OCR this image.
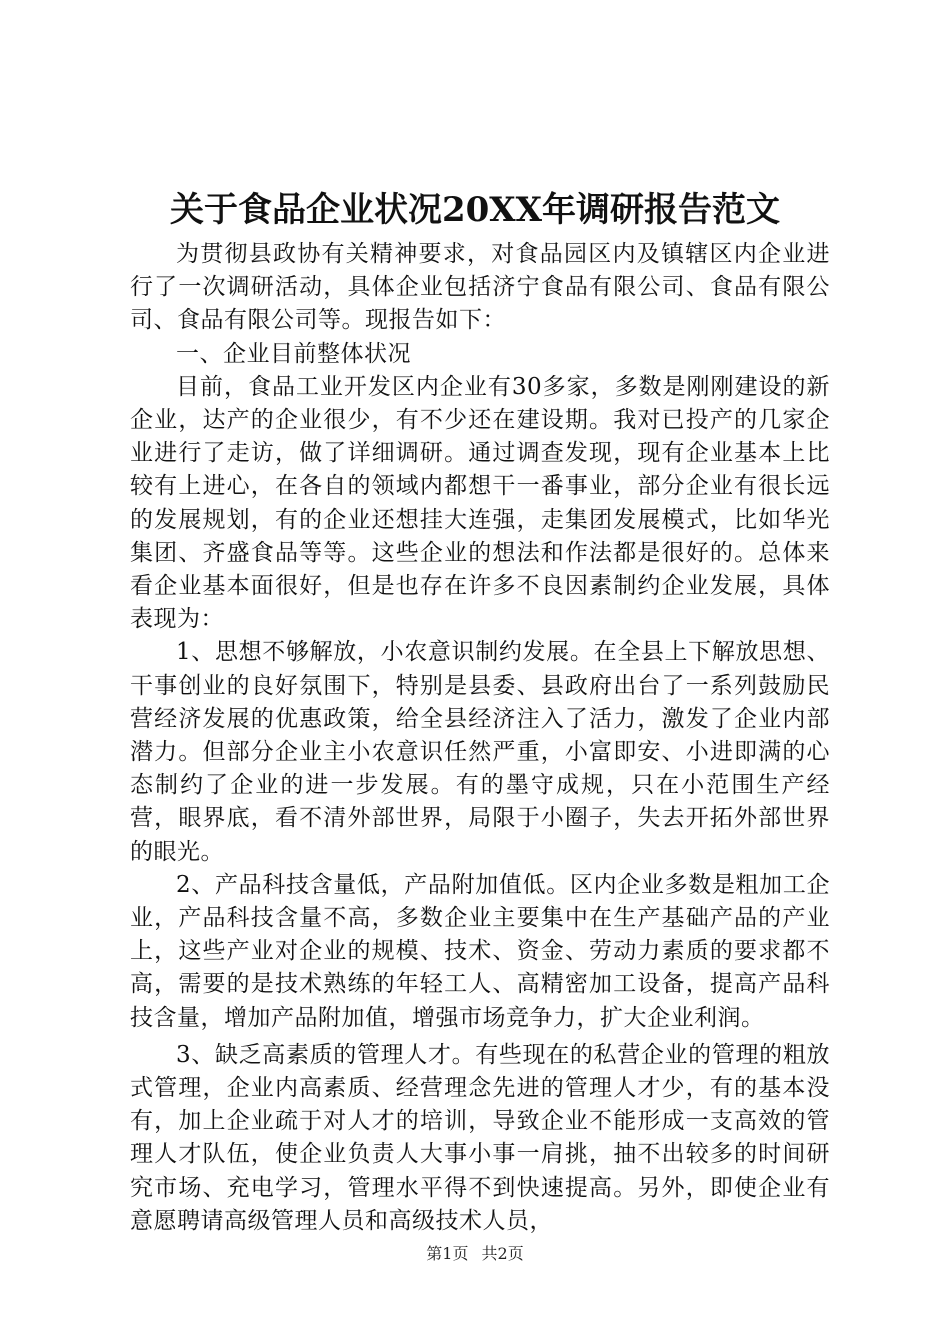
关于食品企业状况20XX年调研报告范文

为贯彻县政协有关精神要求，对食品园区内及镇辖区内企业进行了一次调研活动，具体企业包括济宁食品有限公司、食品有限公司、食品有限公司等。现报告如下：

一、企业目前整体状况

目前，食品工业开发区内企业有30多家，多数是刚刚建设的新企业，达产的企业很少，有不少还在建设期。我对已投产的几家企业进行了走访，做了详细调研。通过调查发现，现有企业基本上比较有上进心，在各自的领域内都想干一番事业，部分企业有很长远的发展规划，有的企业还想挂大连强，走集团发展模式，比如华光集团、齐盛食品等等。这些企业的想法和作法都是很好的。总体来看企业基本面很好，但是也存在许多不良因素制约企业发展，具体表现为：

1、思想不够解放，小农意识制约发展。在全县上下解放思想、干事创业的良好氛围下，特别是县委、县政府出台了一系列鼓励民营经济发展的优惠政策，给全县经济注入了活力，激发了企业内部潜力。但部分企业主小农意识任然严重，小富即安、小进即满的心态制约了企业的进一步发展。有的墨守成规，只在小范围生产经营，眼界底，看不清外部世界，局限于小圈子，失去开拓外部世界的眼光。

2、产品科技含量低，产品附加值低。区内企业多数是粗加工企业，产品科技含量不高，多数企业主要集中在生产基础产品的产业上，这些产业对企业的规模、技术、资金、劳动力素质的要求都不高，需要的是技术熟练的年轻工人、高精密加工设备，提高产品科技含量，增加产品附加值，增强市场竞争力，扩大企业利润。

3、缺乏高素质的管理人才。有些现在的私营企业的管理的粗放式管理，企业内高素质、经营理念先进的管理人才少，有的基本没有，加上企业疏于对人才的培训，导致企业不能形成一支高效的管理人才队伍，使企业负责人大事小事一肩挑，抽不出较多的时间研究市场、充电学习，管理水平得不到快速提高。另外，即使企业有意愿聘请高级管理人员和高级技术人员，

第1页 共2页
